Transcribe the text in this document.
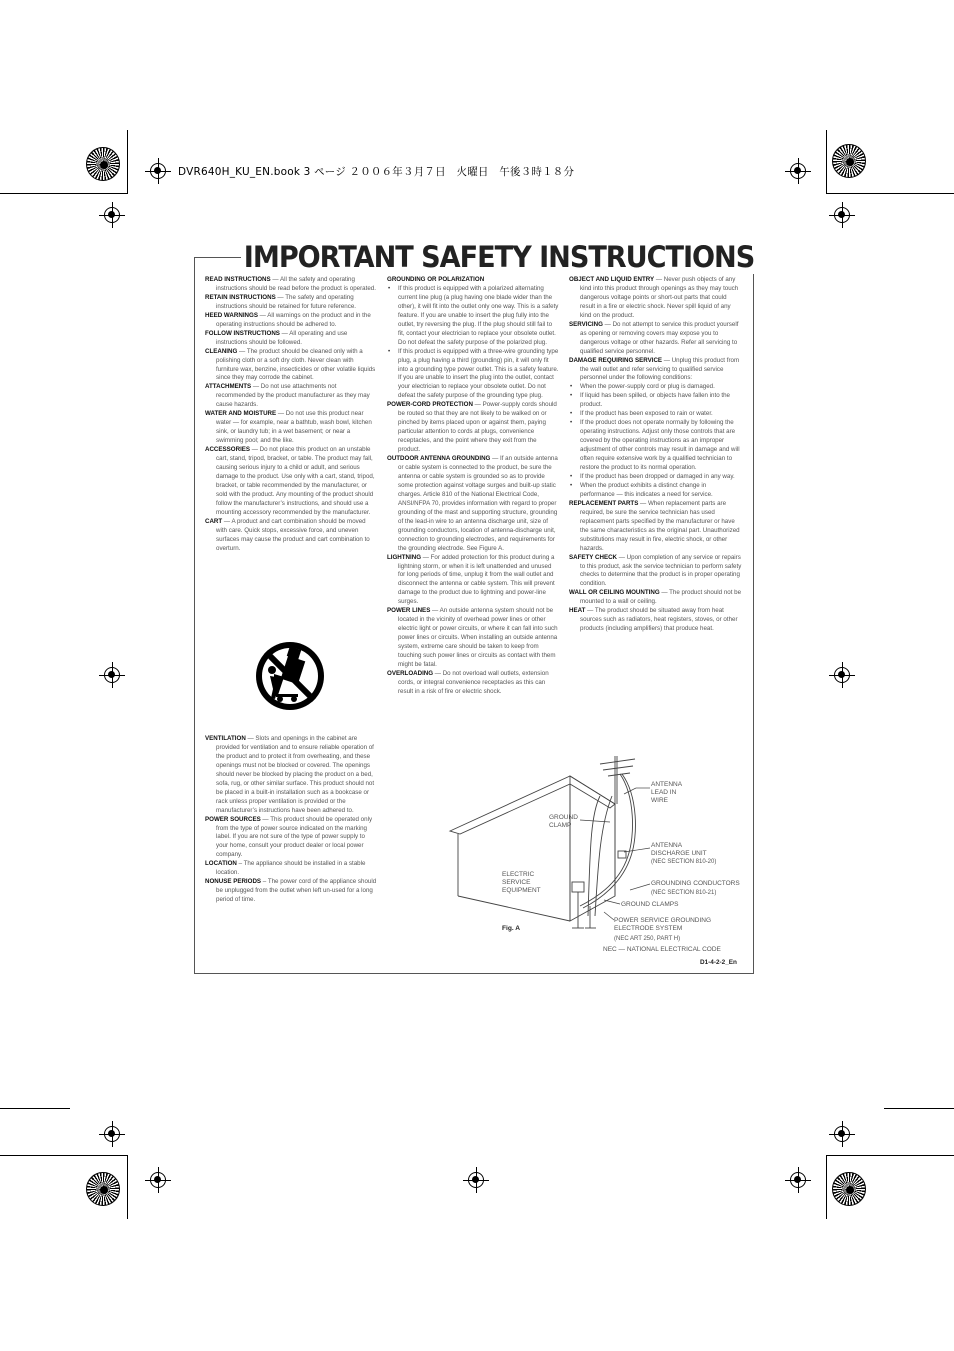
DVR640H_KU_EN.book 3 ページ ２００６年３月７日　火曜日　午後３時１８分
IMPORTANT SAFETY INSTRUCTIONS

READ INSTRUCTIONS — All the safety and operating instructions should be read before the product is operated.

RETAIN INSTRUCTIONS — The safety and operating instructions should be retained for future reference.

HEED WARNINGS — All warnings on the product and in the operating instructions should be adhered to.

FOLLOW INSTRUCTIONS — All operating and use instructions should be followed.

CLEANING — The product should be cleaned only with a polishing cloth or a soft dry cloth. Never clean with furniture wax, benzine, insecticides or other volatile liquids since they may corrode the cabinet.

ATTACHMENTS — Do not use attachments not recommended by the product manufacturer as they may cause hazards.

WATER AND MOISTURE — Do not use this product near water — for example, near a bathtub, wash bowl, kitchen sink, or laundry tub; in a wet basement; or near a swimming pool; and the like.

ACCESSORIES — Do not place this product on an unstable cart, stand, tripod, bracket, or table. The product may fall, causing serious injury to a child or adult, and serious damage to the product. Use only with a cart, stand, tripod, bracket, or table recommended by the manufacturer, or sold with the product. Any mounting of the product should follow the manufacturer’s instructions, and should use a mounting accessory recommended by the manufacturer.

CART — A product and cart combination should be moved with care. Quick stops, excessive force, and uneven surfaces may cause the product and cart combination to overturn.

VENTILATION — Slots and openings in the cabinet are provided for ventilation and to ensure reliable operation of the product and to protect it from overheating, and these openings must not be blocked or covered. The openings should never be blocked by placing the product on a bed, sofa, rug, or other similar surface. This product should not be placed in a built-in installation such as a bookcase or rack unless proper ventilation is provided or the manufacturer’s instructions have been adhered to.

POWER SOURCES — This product should be operated only from the type of power source indicated on the marking label. If you are not sure of the type of power supply to your home, consult your product dealer or local power company.

LOCATION – The appliance should be installed in a stable location.

NONUSE PERIODS – The power cord of the appliance should be unplugged from the outlet when left un-used for a long period of time.

GROUNDING OR POLARIZATION

• If this product is equipped with a polarized alternating current line plug (a plug having one blade wider than the other), it will fit into the outlet only one way. This is a safety feature. If you are unable to insert the plug fully into the outlet, try reversing the plug. If the plug should still fail to fit, contact your electrician to replace your obsolete outlet. Do not defeat the safety purpose of the polarized plug.
• If this product is equipped with a three-wire grounding type plug, a plug having a third (grounding) pin, it will only fit into a grounding type power outlet. This is a safety feature. If you are unable to insert the plug into the outlet, contact your electrician to replace your obsolete outlet. Do not defeat the safety purpose of the grounding type plug.

POWER-CORD PROTECTION — Power-supply cords should be routed so that they are not likely to be walked on or pinched by items placed upon or against them, paying particular attention to cords at plugs, convenience receptacles, and the point where they exit from the product.

OUTDOOR ANTENNA GROUNDING — If an outside antenna or cable system is connected to the product, be sure the antenna or cable system is grounded so as to provide some protection against voltage surges and built-up static charges. Article 810 of the National Electrical Code, ANSI/NFPA 70, provides information with regard to proper grounding of the mast and supporting structure, grounding of the lead-in wire to an antenna discharge unit, size of grounding conductors, location of antenna-discharge unit, connection to grounding electrodes, and requirements for the grounding electrode. See Figure A.

LIGHTNING — For added protection for this product during a lightning storm, or when it is left unattended and unused for long periods of time, unplug it from the wall outlet and disconnect the antenna or cable system. This will prevent damage to the product due to lightning and power-line surges.

POWER LINES — An outside antenna system should not be located in the vicinity of overhead power lines or other electric light or power circuits, or where it can fall into such power lines or circuits. When installing an outside antenna system, extreme care should be taken to keep from touching such power lines or circuits as contact with them might be fatal.

OVERLOADING — Do not overload wall outlets, extension cords, or integral convenience receptacles as this can result in a risk of fire or electric shock.

OBJECT AND LIQUID ENTRY — Never push objects of any kind into this product through openings as they may touch dangerous voltage points or short-out parts that could result in a fire or electric shock. Never spill liquid of any kind on the product.

SERVICING — Do not attempt to service this product yourself as opening or removing covers may expose you to dangerous voltage or other hazards. Refer all servicing to qualified service personnel.

DAMAGE REQUIRING SERVICE — Unplug this product from the wall outlet and refer servicing to qualified service personnel under the following conditions:

• When the power-supply cord or plug is damaged.
• If liquid has been spilled, or objects have fallen into the product.
• If the product has been exposed to rain or water.
• If the product does not operate normally by following the operating instructions. Adjust only those controls that are covered by the operating instructions as an improper adjustment of other controls may result in damage and will often require extensive work by a qualified technician to restore the product to its normal operation.
• If the product has been dropped or damaged in any way.
• When the product exhibits a distinct change in performance — this indicates a need for service.

REPLACEMENT PARTS — When replacement parts are required, be sure the service technician has used replacement parts specified by the manufacturer or have the same characteristics as the original part. Unauthorized substitutions may result in fire, electric shock, or other hazards.

SAFETY CHECK — Upon completion of any service or repairs to this product, ask the service technician to perform safety checks to determine that the product is in proper operating condition.

WALL OR CEILING MOUNTING — The product should not be mounted to a wall or ceiling.

HEAT — The product should be situated away from heat sources such as radiators, heat registers, stoves, or other products (including amplifiers) that produce heat.

ANTENNA
LEAD IN
WIRE
GROUND
CLAMP
ANTENNA
DISCHARGE UNIT
(NEC SECTION 810-20)
ELECTRIC
SERVICE
EQUIPMENT
GROUNDING CONDUCTORS
(NEC SECTION 810-21)
GROUND CLAMPS
POWER SERVICE GROUNDING
ELECTRODE SYSTEM
(NEC ART 250, PART H)
NEC — NATIONAL ELECTRICAL CODE
Fig. A
D1-4-2-2_En
